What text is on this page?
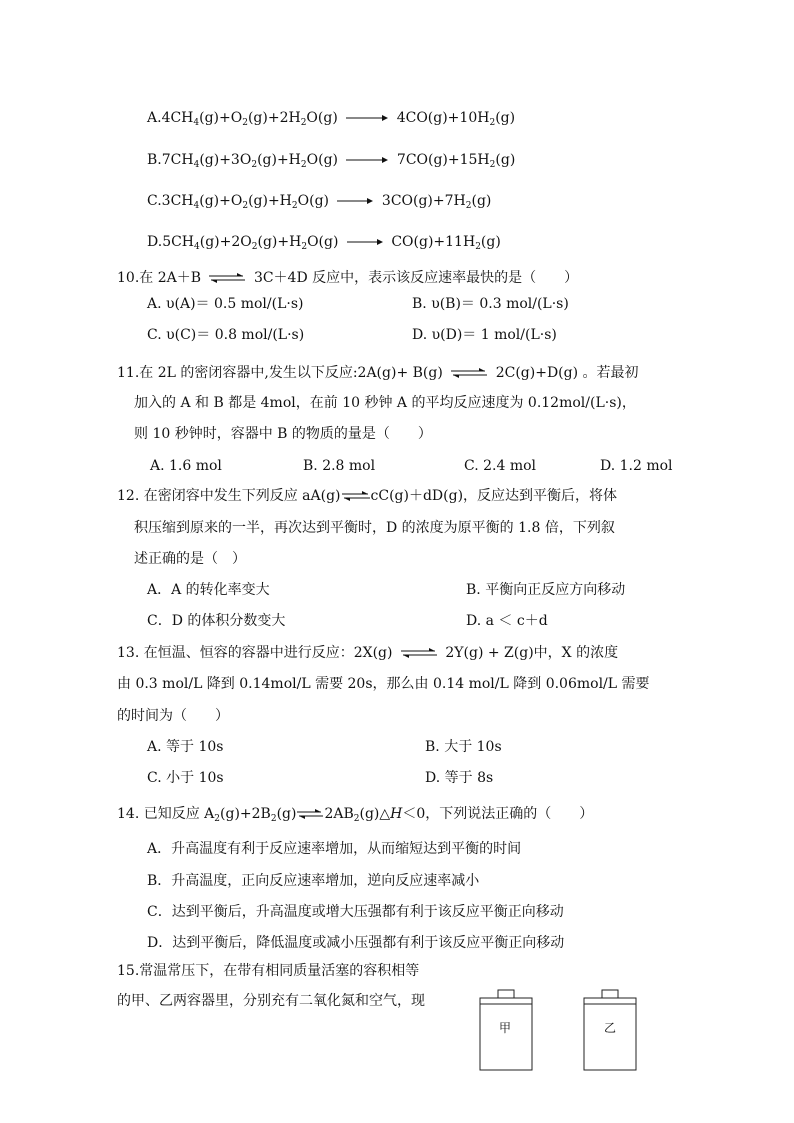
$A.4CH_4(g)+O_2(g)+2H_2O(g) \to 4CO(g)+10H_2(g)$
$B.7CH_4(g)+3O_2(g)+H_2O(g) \to 7CO(g)+15H_2(g)$
$C.3CH_4(g)+O_2(g)+H_2O(g) \to 3CO(g)+7H_2(g)$
$D.5CH_4(g)+2O_2(g)+H_2O(g) \to CO(g)+11H_2(g)$
10.在 2A＋B ⇌ 3C＋4D 反应中，表示该反应速率最快的是（　　）
A. υ(A)＝ 0.5 mol/(L·s)	B. υ(B)＝ 0.3 mol/(L·s)
C. υ(C)＝ 0.8 mol/(L·s)	D. υ(D)＝ 1 mol/(L·s)
11.在 2L 的密闭容器中,发生以下反应:2A(g)+ B(g) ⇌ 2C(g)+D(g) 。若最初
加入的 A 和 B 都是 4mol，在前 10 秒钟 A 的平均反应速度为 0.12mol/(L·s)，
则 10 秒钟时，容器中 B 的物质的量是（　　）
A. 1.6 mol	B. 2.8 mol	C. 2.4 mol	D. 1.2 mol
12. 在密闭容中发生下列反应 aA(g)⇌cC(g)＋dD(g)，反应达到平衡后，将体
积压缩到原来的一半，再次达到平衡时，D 的浓度为原平衡的 1.8 倍，下列叙
述正确的是（　）
A．A 的转化率变大	B. 平衡向正反应方向移动
C．D 的体积分数变大	D. a ＜ c＋d
13. 在恒温、恒容的容器中进行反应：2X(g) ⇌ 2Y(g) + Z(g)中，X 的浓度
由 0.3 mol/L 降到 0.14mol/L 需要 20s，那么由 0.14 mol/L 降到 0.06mol/L 需要
的时间为（　　）
A. 等于 10s	B. 大于 10s
C. 小于 10s	D. 等于 8s
14. 已知反应 $A_2(g)+2B_2(g)\rightleftharpoons 2AB_2(g)\triangle H<0$，下列说法正确的（　　）
A．升高温度有利于反应速率增加，从而缩短达到平衡的时间
B．升高温度，正向反应速率增加，逆向反应速率减小
C．达到平衡后，升高温度或增大压强都有利于该反应平衡正向移动
D．达到平衡后，降低温度或减小压强都有利于该反应平衡正向移动
15.常温常压下，在带有相同质量活塞的容积相等
的甲、乙两容器里，分别充有二氧化氮和空气，现
甲	乙
